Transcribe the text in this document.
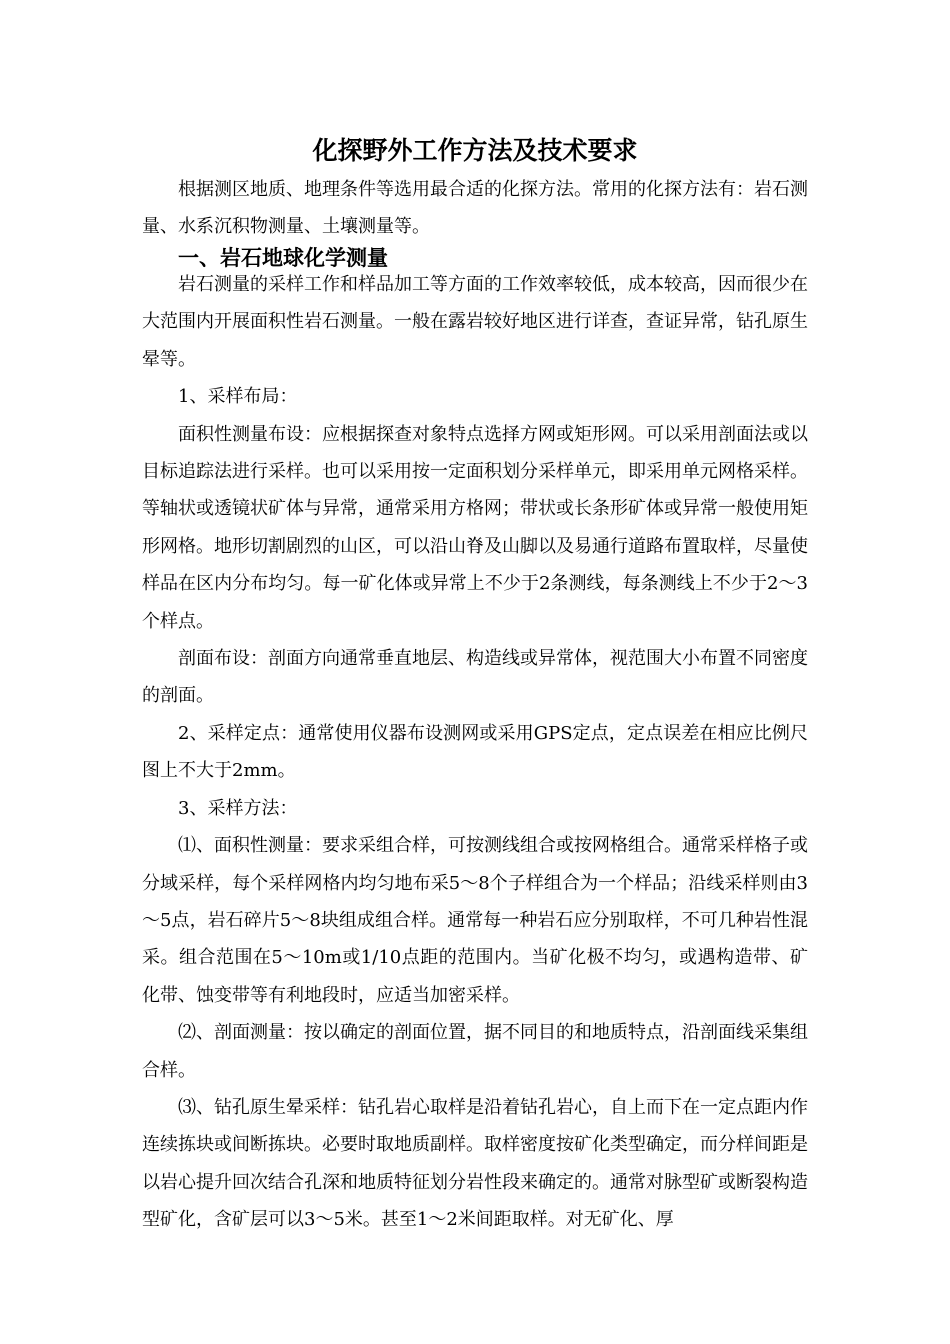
化探野外工作方法及技术要求

根据测区地质、地理条件等选用最合适的化探方法。常用的化探方法有：岩石测量、水系沉积物测量、土壤测量等。

一、岩石地球化学测量

岩石测量的采样工作和样品加工等方面的工作效率较低，成本较高，因而很少在大范围内开展面积性岩石测量。一般在露岩较好地区进行详查，查证异常，钻孔原生晕等。

1、采样布局：

面积性测量布设：应根据探查对象特点选择方网或矩形网。可以采用剖面法或以目标追踪法进行采样。也可以采用按一定面积划分采样单元，即采用单元网格采样。等轴状或透镜状矿体与异常，通常采用方格网；带状或长条形矿体或异常一般使用矩形网格。地形切割剧烈的山区，可以沿山脊及山脚以及易通行道路布置取样，尽量使样品在区内分布均匀。每一矿化体或异常上不少于2条测线，每条测线上不少于2～3个样点。

剖面布设：剖面方向通常垂直地层、构造线或异常体，视范围大小布置不同密度的剖面。

2、采样定点：通常使用仪器布设测网或采用GPS定点，定点误差在相应比例尺图上不大于2mm。

3、采样方法：

⑴、面积性测量：要求采组合样，可按测线组合或按网格组合。通常采样格子或分域采样，每个采样网格内均匀地布采5～8个子样组合为一个样品；沿线采样则由3～5点，岩石碎片5～8块组成组合样。通常每一种岩石应分别取样，不可几种岩性混采。组合范围在5～10m或1/10点距的范围内。当矿化极不均匀，或遇构造带、矿化带、蚀变带等有利地段时，应适当加密采样。

⑵、剖面测量：按以确定的剖面位置，据不同目的和地质特点，沿剖面线采集组合样。

⑶、钻孔原生晕采样：钻孔岩心取样是沿着钻孔岩心，自上而下在一定点距内作连续拣块或间断拣块。必要时取地质副样。取样密度按矿化类型确定，而分样间距是以岩心提升回次结合孔深和地质特征划分岩性段来确定的。通常对脉型矿或断裂构造型矿化，含矿层可以3～5米。甚至1～2米间距取样。对无矿化、厚
